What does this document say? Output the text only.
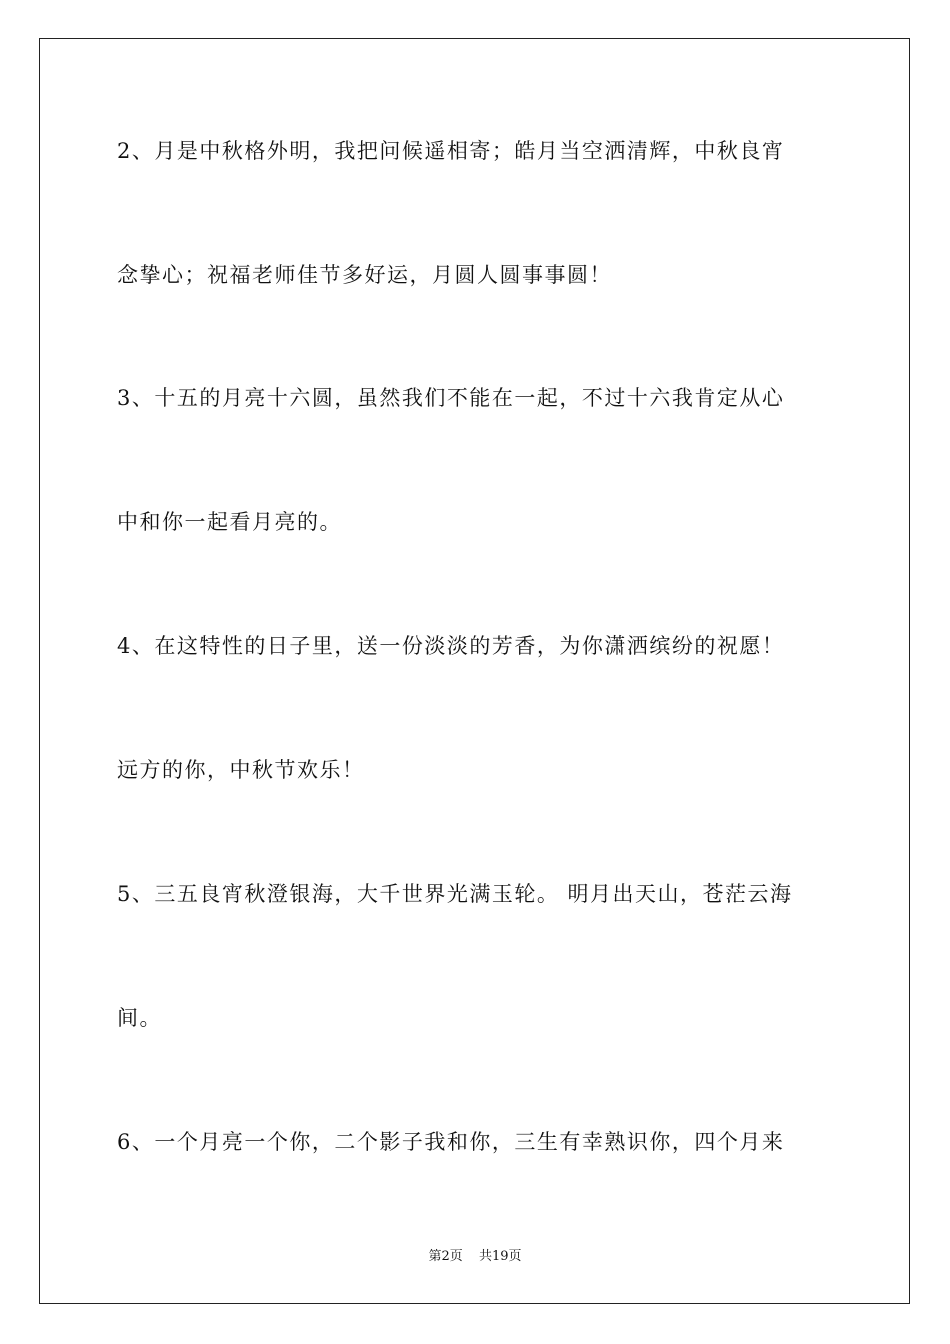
2、月是中秋格外明，我把问候遥相寄；皓月当空洒清辉，中秋良宵
念挚心；祝福老师佳节多好运，月圆人圆事事圆！
3、十五的月亮十六圆，虽然我们不能在一起，不过十六我肯定从心
中和你一起看月亮的。
4、在这特性的日子里，送一份淡淡的芳香，为你潇洒缤纷的祝愿！
远方的你，中秋节欢乐！
5、三五良宵秋澄银海，大千世界光满玉轮。 明月出天山，苍茫云海
间。
6、一个月亮一个你，二个影子我和你，三生有幸熟识你，四个月来
第2页 共19页
